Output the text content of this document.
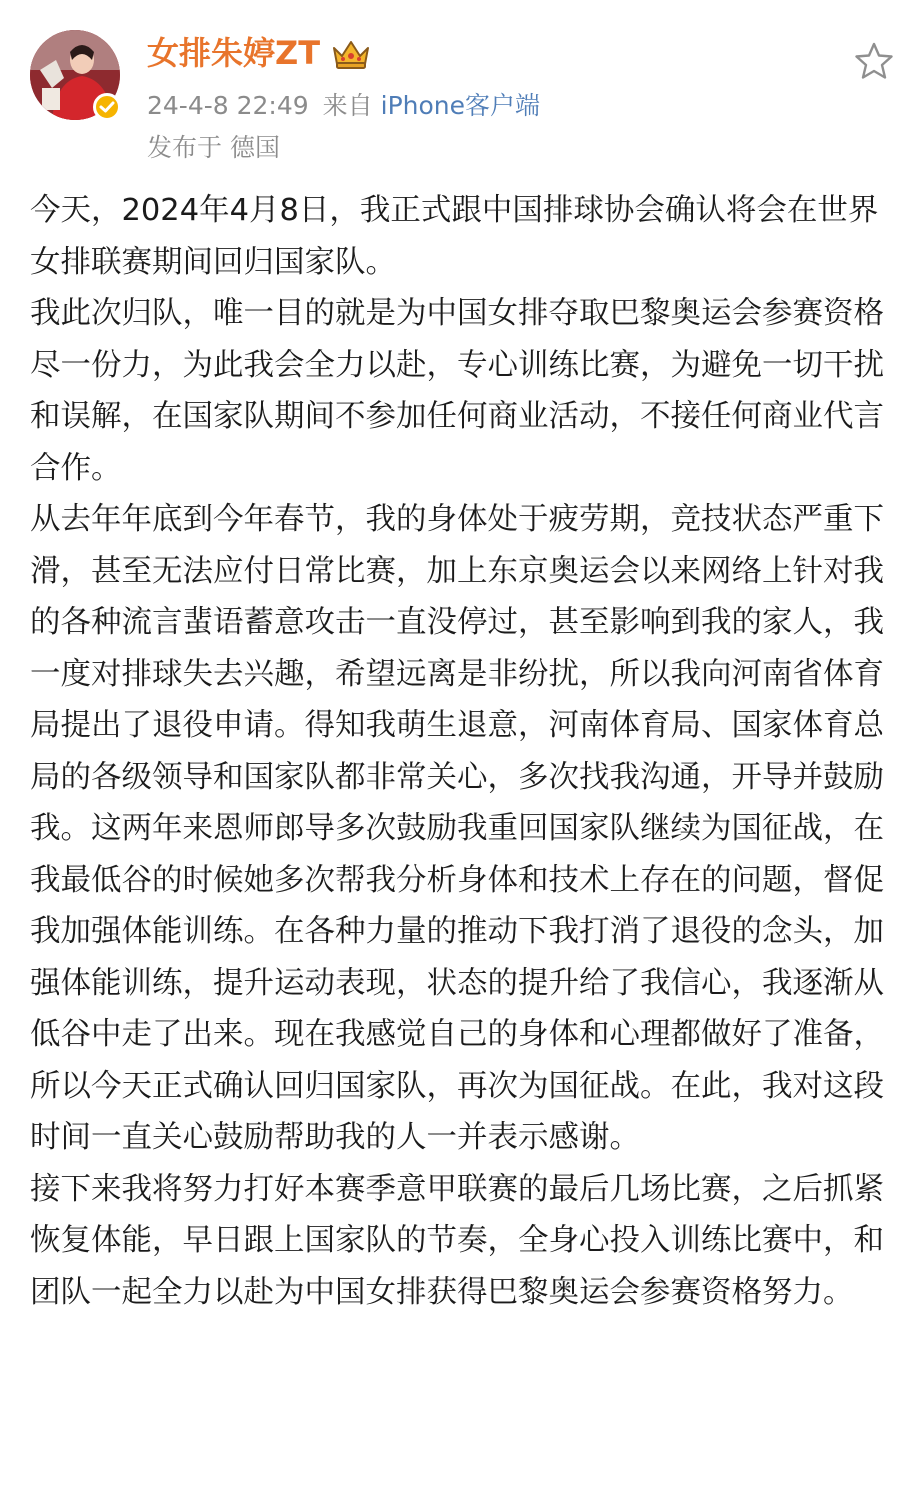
女排朱婷ZT
24-4-8 22:49 来自 iPhone客户端
发布于 德国
今天，2024年4月8日，我正式跟中国排球协会确认将会在世界女排联赛期间回归国家队。
我此次归队，唯一目的就是为中国女排夺取巴黎奥运会参赛资格尽一份力，为此我会全力以赴，专心训练比赛，为避免一切干扰和误解，在国家队期间不参加任何商业活动，不接任何商业代言合作。
从去年年底到今年春节，我的身体处于疲劳期，竞技状态严重下滑，甚至无法应付日常比赛，加上东京奥运会以来网络上针对我的各种流言蜚语蓄意攻击一直没停过，甚至影响到我的家人，我一度对排球失去兴趣，希望远离是非纷扰，所以我向河南省体育局提出了退役申请。得知我萌生退意，河南体育局、国家体育总局的各级领导和国家队都非常关心，多次找我沟通，开导并鼓励我。这两年来恩师郎导多次鼓励我重回国家队继续为国征战，在我最低谷的时候她多次帮我分析身体和技术上存在的问题，督促我加强体能训练。在各种力量的推动下我打消了退役的念头，加强体能训练，提升运动表现，状态的提升给了我信心，我逐渐从低谷中走了出来。现在我感觉自己的身体和心理都做好了准备，所以今天正式确认回归国家队，再次为国征战。在此，我对这段时间一直关心鼓励帮助我的人一并表示感谢。
接下来我将努力打好本赛季意甲联赛的最后几场比赛，之后抓紧恢复体能，早日跟上国家队的节奏，全身心投入训练比赛中，和团队一起全力以赴为中国女排获得巴黎奥运会参赛资格努力。
